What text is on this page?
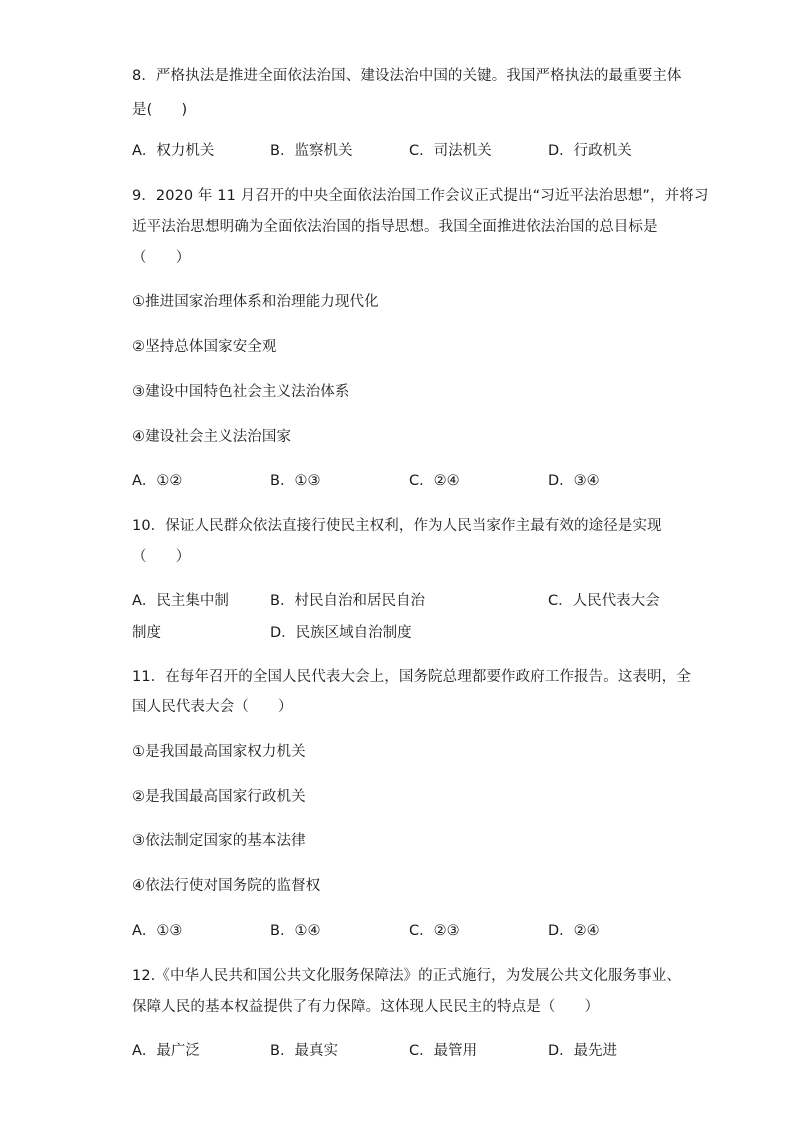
8．严格执法是推进全面依法治国、建设法治中国的关键。我国严格执法的最重要主体
是(　　)
A．权力机关	B．监察机关	C．司法机关	D．行政机关
9．2020 年 11 月召开的中央全面依法治国工作会议正式提出“习近平法治思想”，并将习
近平法治思想明确为全面依法治国的指导思想。我国全面推进依法治国的总目标是
（　　）
①推进国家治理体系和治理能力现代化
②坚持总体国家安全观
③建设中国特色社会主义法治体系
④建设社会主义法治国家
A．①②	B．①③	C．②④	D．③④
10．保证人民群众依法直接行使民主权利，作为人民当家作主最有效的途径是实现
（　　）
A．民主集中制	B．村民自治和居民自治	C．人民代表大会
制度	D．民族区域自治制度
11．在每年召开的全国人民代表大会上，国务院总理都要作政府工作报告。这表明，全
国人民代表大会（　　）
①是我国最高国家权力机关
②是我国最高国家行政机关
③依法制定国家的基本法律
④依法行使对国务院的监督权
A．①③	B．①④	C．②③	D．②④
12.《中华人民共和国公共文化服务保障法》的正式施行，为发展公共文化服务事业、
保障人民的基本权益提供了有力保障。这体现人民民主的特点是（　　）
A．最广泛	B．最真实	C．最管用	D．最先进
